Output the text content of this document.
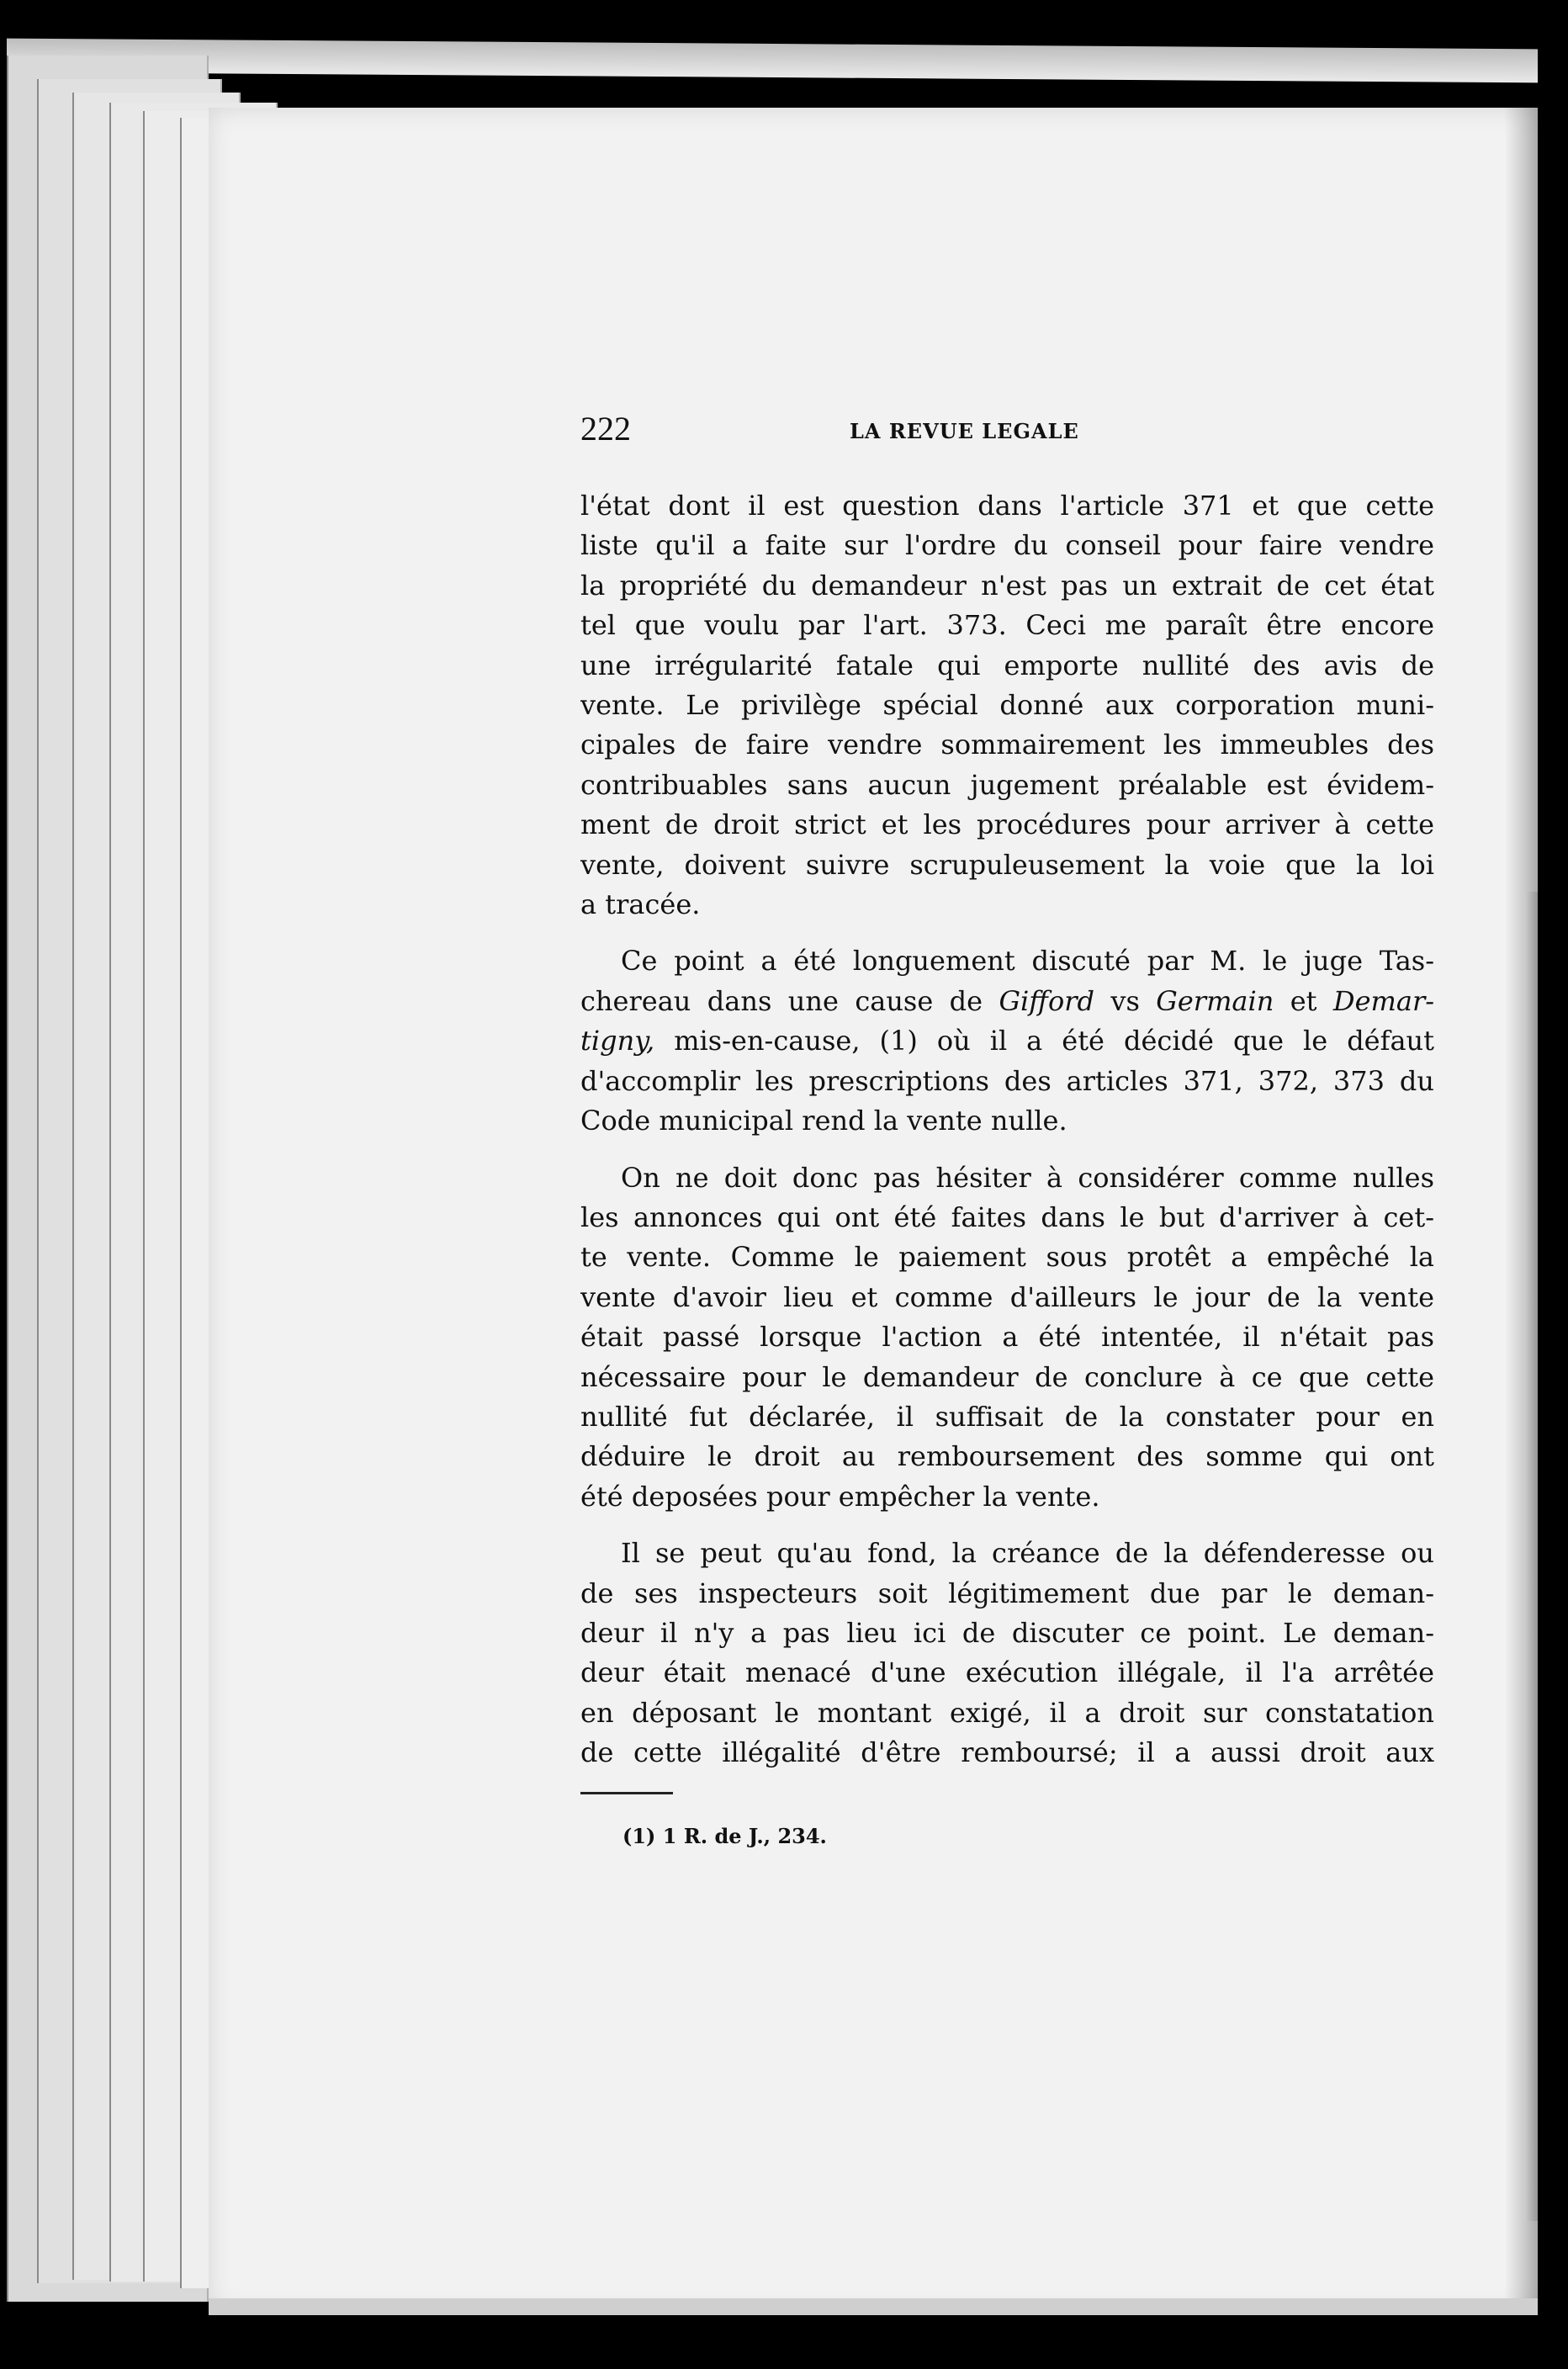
222	LA REVUE LEGALE

l'état dont il est question dans l'article 371 et que cette
liste qu'il a faite sur l'ordre du conseil pour faire vendre
la propriété du demandeur n'est pas un extrait de cet état
tel que voulu par l'art. 373. Ceci me paraît être encore
une irrégularité fatale qui emporte nullité des avis de
vente. Le privilège spécial donné aux corporation muni-
cipales de faire vendre sommairement les immeubles des
contribuables sans aucun jugement préalable est évidem-
ment de droit strict et les procédures pour arriver à cette
vente, doivent suivre scrupuleusement la voie que la loi
a tracée.

Ce point a été longuement discuté par M. le juge Tas-
chereau dans une cause de Gifford vs Germain et Demar-
tigny, mis-en-cause, (1) où il a été décidé que le défaut
d'accomplir les prescriptions des articles 371, 372, 373 du
Code municipal rend la vente nulle.

On ne doit donc pas hésiter à considérer comme nulles
les annonces qui ont été faites dans le but d'arriver à cet-
te vente. Comme le paiement sous protêt a empêché la
vente d'avoir lieu et comme d'ailleurs le jour de la vente
était passé lorsque l'action a été intentée, il n'était pas
nécessaire pour le demandeur de conclure à ce que cette
nullité fut déclarée, il suffisait de la constater pour en
déduire le droit au remboursement des somme qui ont
été deposées pour empêcher la vente.

Il se peut qu'au fond, la créance de la défenderesse ou
de ses inspecteurs soit légitimement due par le deman-
deur il n'y a pas lieu ici de discuter ce point. Le deman-
deur était menacé d'une exécution illégale, il l'a arrêtée
en déposant le montant exigé, il a droit sur constatation
de cette illégalité d'être remboursé; il a aussi droit aux

(1) 1 R. de J., 234.
